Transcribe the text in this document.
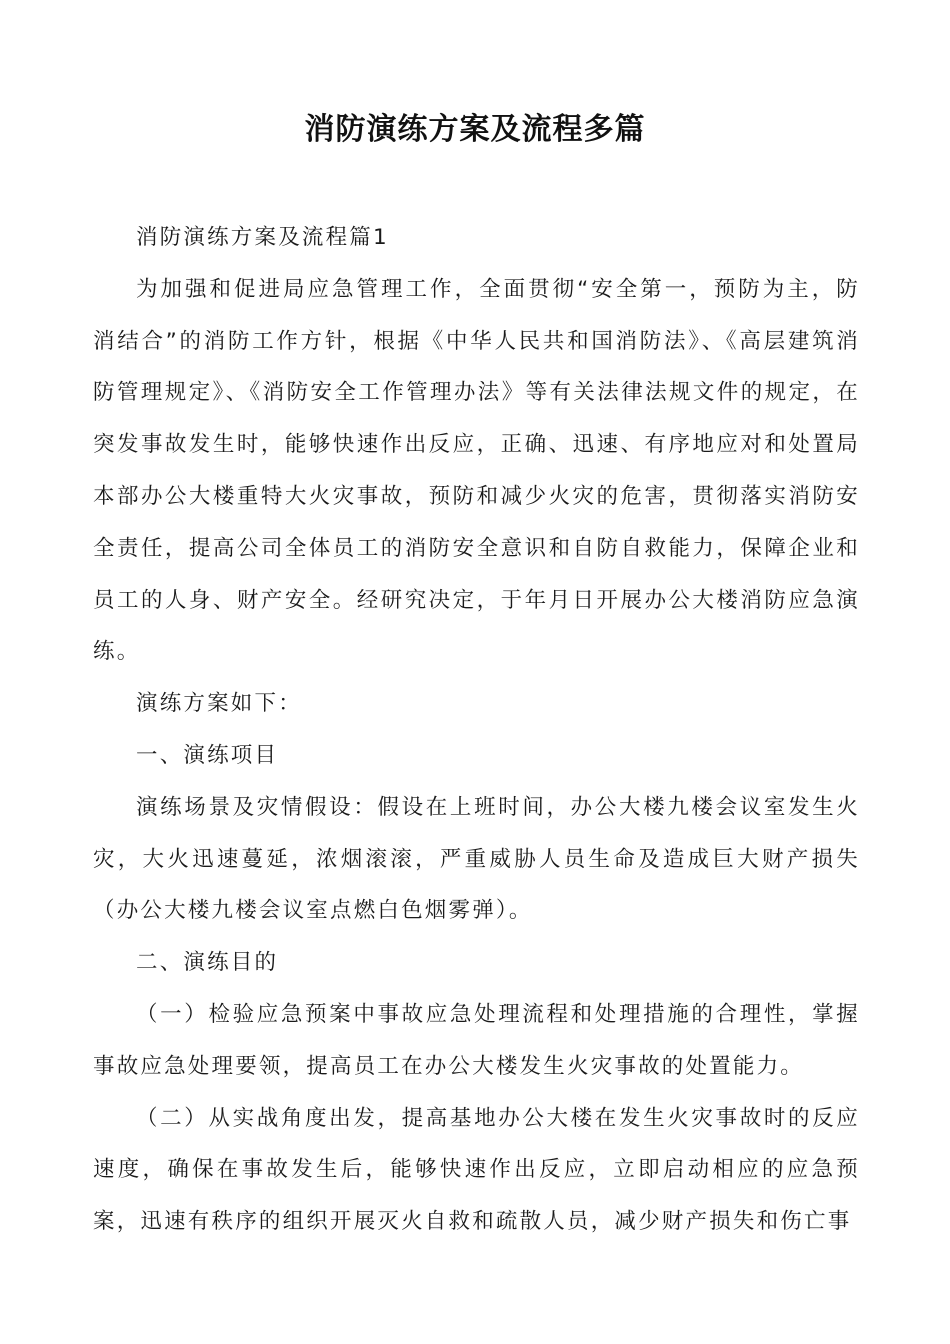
消防演练方案及流程多篇

消防演练方案及流程篇1

为加强和促进局应急管理工作，全面贯彻“安全第一，预防为主，防消结合”的消防工作方针，根据《中华人民共和国消防法》、《高层建筑消防管理规定》、《消防安全工作管理办法》等有关法律法规文件的规定，在突发事故发生时，能够快速作出反应，正确、迅速、有序地应对和处置局本部办公大楼重特大火灾事故，预防和减少火灾的危害，贯彻落实消防安全责任，提高公司全体员工的消防安全意识和自防自救能力，保障企业和员工的人身、财产安全。经研究决定，于年月日开展办公大楼消防应急演练。

演练方案如下：

一、演练项目

演练场景及灾情假设：假设在上班时间，办公大楼九楼会议室发生火灾，大火迅速蔓延，浓烟滚滚，严重威胁人员生命及造成巨大财产损失（办公大楼九楼会议室点燃白色烟雾弹）。

二、演练目的

（一）检验应急预案中事故应急处理流程和处理措施的合理性，掌握事故应急处理要领，提高员工在办公大楼发生火灾事故的处置能力。

（二）从实战角度出发，提高基地办公大楼在发生火灾事故时的反应速度，确保在事故发生后，能够快速作出反应，立即启动相应的应急预案，迅速有秩序的组织开展灭火自救和疏散人员，减少财产损失和伤亡事
